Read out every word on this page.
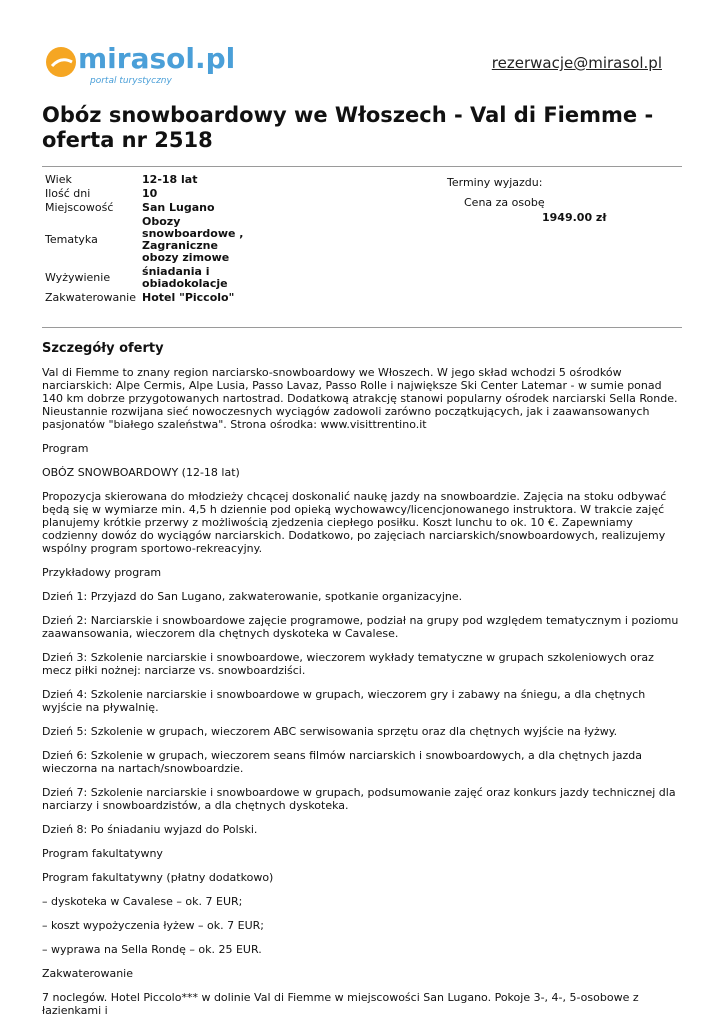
mirasol.pl
portal turystyczny
rezerwacje@mirasol.pl
Obóz snowboardowy we Włoszech - Val di Fiemme - oferta nr 2518
Wiek	12-18 lat
Ilość dni	10
Miejscowość	San Lugano
Tematyka	Obozy snowboardowe , Zagraniczne obozy zimowe
Wyżywienie	śniadania i obiadokolacje
Zakwaterowanie	Hotel "Piccolo"
Terminy wyjazdu:
Cena za osobę
1949.00 zł
Szczegóły oferty

Val di Fiemme to znany region narciarsko-snowboardowy we Włoszech. W jego skład wchodzi 5 ośrodków narciarskich: Alpe Cermis, Alpe Lusia, Passo Lavaz, Passo Rolle i największe Ski Center Latemar - w sumie ponad 140 km dobrze przygotowanych nartostrad. Dodatkową atrakcję stanowi popularny ośrodek narciarski Sella Ronde. Nieustannie rozwijana sieć nowoczesnych wyciągów zadowoli zarówno początkujących, jak i zaawansowanych pasjonatów "białego szaleństwa". Strona ośrodka: www.visittrentino.it

Program

OBÓZ SNOWBOARDOWY (12-18 lat)

Propozycja skierowana do młodzieży chcącej doskonalić naukę jazdy na snowboardzie. Zajęcia na stoku odbywać będą się w wymiarze min. 4,5 h dziennie pod opieką wychowawcy/licencjonowanego instruktora. W trakcie zajęć planujemy krótkie przerwy z możliwością zjedzenia ciepłego posiłku. Koszt lunchu to ok. 10 €. Zapewniamy codzienny dowóz do wyciągów narciarskich. Dodatkowo, po zajęciach narciarskich/snowboardowych, realizujemy wspólny program sportowo-rekreacyjny.

Przykładowy program

Dzień 1: Przyjazd do San Lugano, zakwaterowanie, spotkanie organizacyjne.

Dzień 2: Narciarskie i snowboardowe zajęcie programowe, podział na grupy pod względem tematycznym i poziomu zaawansowania, wieczorem dla chętnych dyskoteka w Cavalese.

Dzień 3: Szkolenie narciarskie i snowboardowe, wieczorem wykłady tematyczne w grupach szkoleniowych oraz mecz piłki nożnej: narciarze vs. snowboardziści.

Dzień 4: Szkolenie narciarskie i snowboardowe w grupach, wieczorem gry i zabawy na śniegu, a dla chętnych wyjście na pływalnię.

Dzień 5: Szkolenie w grupach, wieczorem ABC serwisowania sprzętu oraz dla chętnych wyjście na łyżwy.

Dzień 6: Szkolenie w grupach, wieczorem seans filmów narciarskich i snowboardowych, a dla chętnych jazda wieczorna na nartach/snowboardzie.

Dzień 7: Szkolenie narciarskie i snowboardowe w grupach, podsumowanie zajęć oraz konkurs jazdy technicznej dla narciarzy i snowboardzistów, a dla chętnych dyskoteka.

Dzień 8: Po śniadaniu wyjazd do Polski.

Program fakultatywny

Program fakultatywny (płatny dodatkowo)

– dyskoteka w Cavalese – ok. 7 EUR;

– koszt wypożyczenia łyżew – ok. 7 EUR;

– wyprawa na Sella Rondę – ok. 25 EUR.

Zakwaterowanie

7 noclegów. Hotel Piccolo*** w dolinie Val di Fiemme w miejscowości San Lugano. Pokoje 3-, 4-, 5-osobowe z łazienkami i
